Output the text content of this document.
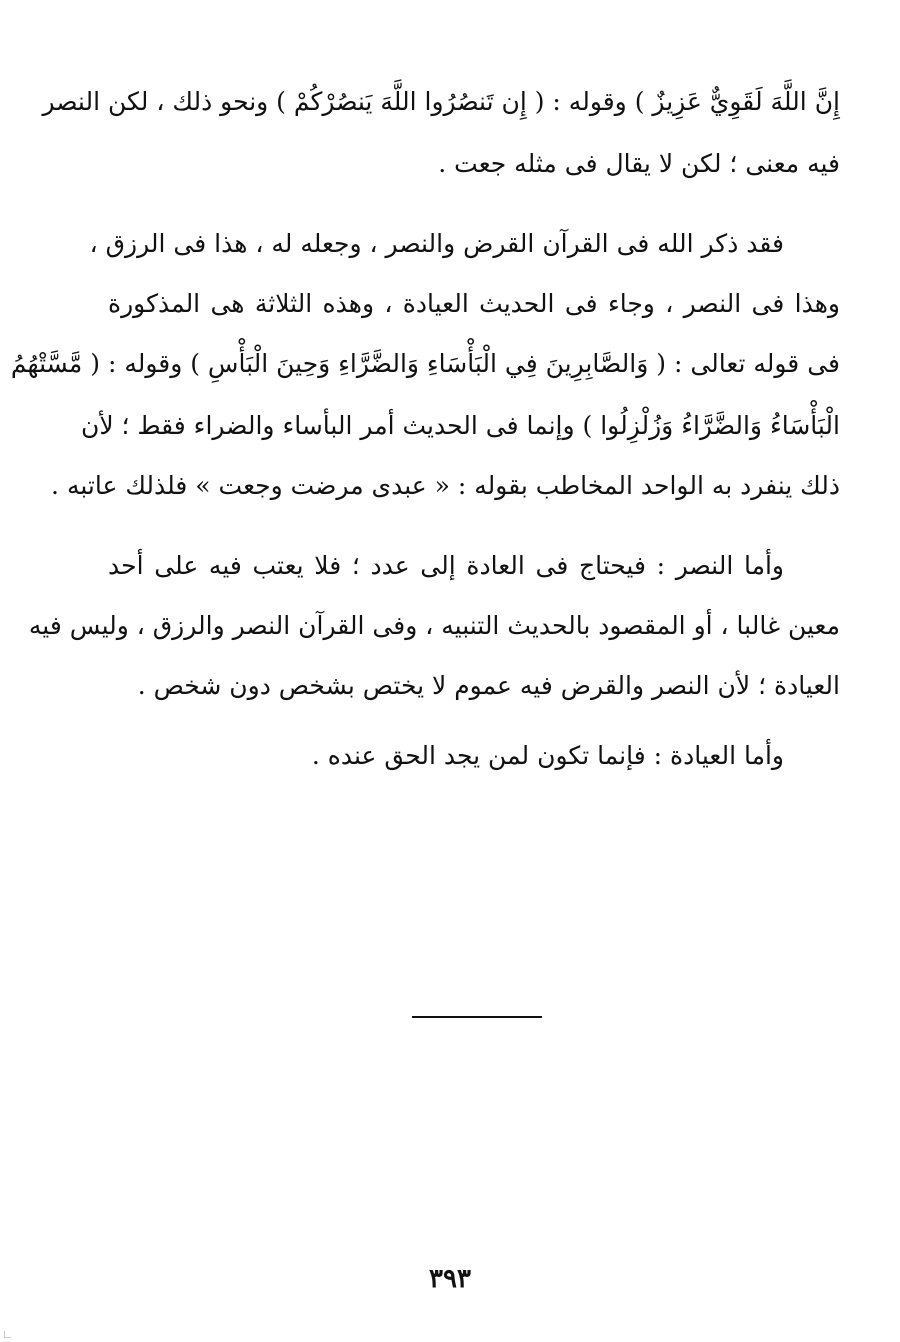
إِنَّ اللَّهَ لَقَوِيٌّ عَزِيزٌ ) وقوله : ( إِن تَنصُرُوا اللَّهَ يَنصُرْكُمْ ) ونحو ذلك ، لكن النصر
فيه معنى ؛ لكن لا يقال فى مثله جعت .
فقد ذكر الله فى القرآن القرض والنصر ، وجعله له ، هذا فى الرزق ،
وهذا فى النصر ، وجاء فى الحديث العيادة ، وهذه الثلاثة هى المذكورة
فى قوله تعالى : ( وَالصَّابِرِينَ فِي الْبَأْسَاءِ وَالضَّرَّاءِ وَحِينَ الْبَأْسِ ) وقوله : ( مَّسَّتْهُمُ
الْبَأْسَاءُ وَالضَّرَّاءُ وَزُلْزِلُوا ) وإنما فى الحديث أمر البأساء والضراء فقط ؛ لأن
ذلك ينفرد به الواحد المخاطب بقوله : « عبدى مرضت وجعت » فلذلك عاتبه .
وأما النصر : فيحتاج فى العادة إلى عدد ؛ فلا يعتب فيه على أحد
معين غالبا ، أو المقصود بالحديث التنبيه ، وفى القرآن النصر والرزق ، وليس فيه
العيادة ؛ لأن النصر والقرض فيه عموم لا يختص بشخص دون شخص .
وأما العيادة : فإنما تكون لمن يجد الحق عنده .
٣٩٣
